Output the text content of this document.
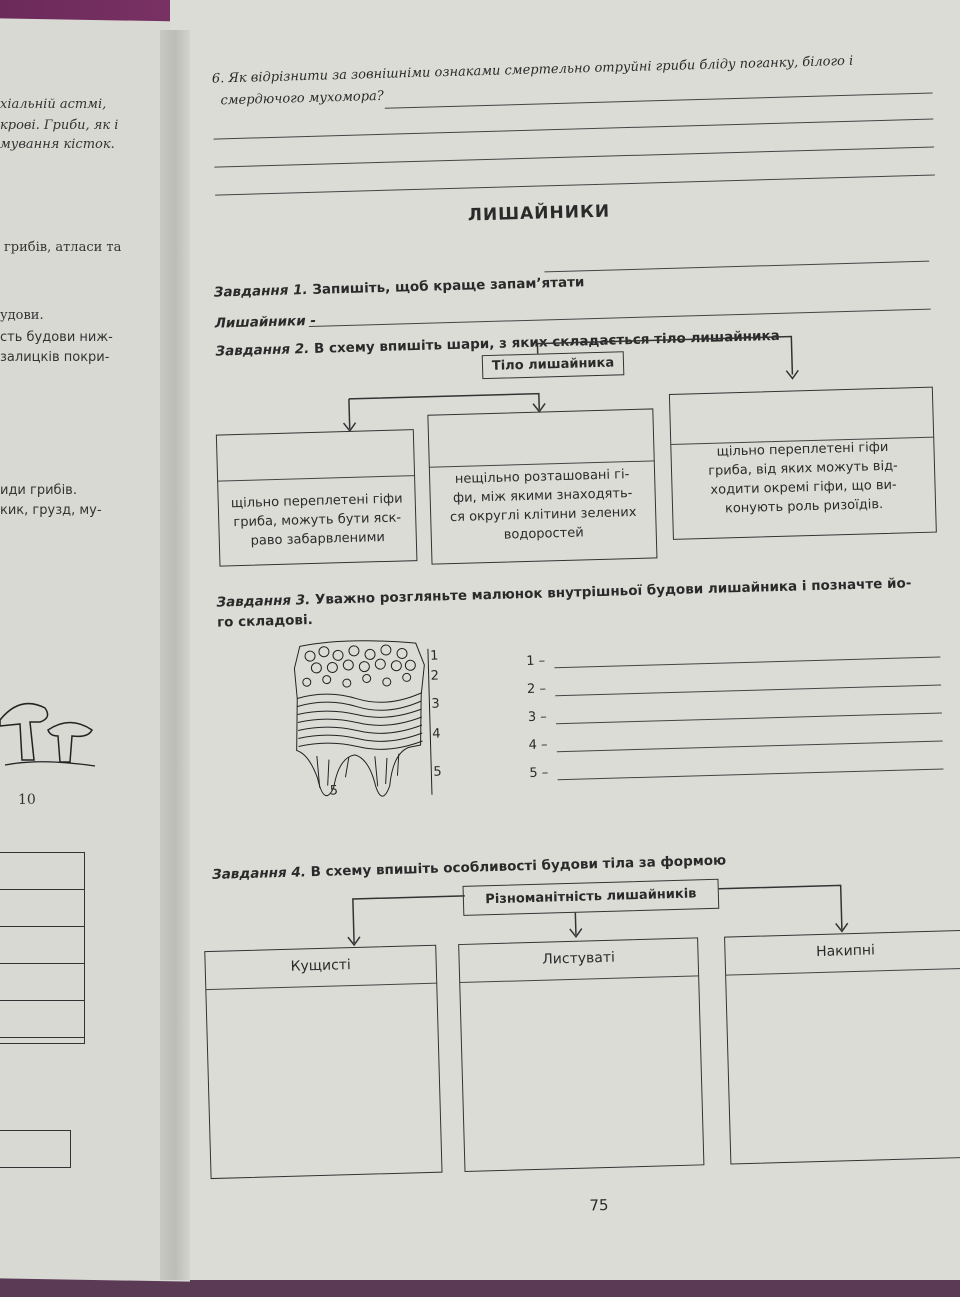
хіальній астмі,
крові. Гриби, як і
мування кісток.
грибів, атласи та
удови.
сть будови ниж-
залицків покри-
иди грибів.
кик, грузд, му-
10
6. Як відрізнити за зовнішніми ознаками смертельно отруйні гриби бліду поганку, білого і
смердючого мухомора?
ЛИШАЙНИКИ
Завдання 1. Запишіть, щоб краще запам’ятати
Лишайники -
Завдання 2. В схему впишіть шари, з яких складається тіло лишайника
Тіло лишайника
щільно переплетені гіфи
гриба, можуть бути яск-
раво забарвленими
нещільно розташовані гі-
фи, між якими знаходять-
ся округлі клітини зелених
водоростей
щільно переплетені гіфи
гриба, від яких можуть від-
ходити окремі гіфи, що ви-
конують роль ризоїдів.
Завдання 3. Уважно розгляньте малюнок внутрішньої будови лишайника і позначте йо-
го складові.
1
2
3
4
5
5
1 –
2 –
3 –
4 –
5 –
Завдання 4. В схему впишіть особливості будови тіла за формою
Різноманітність лишайників
Кущисті	Листуваті	Накипні
75
